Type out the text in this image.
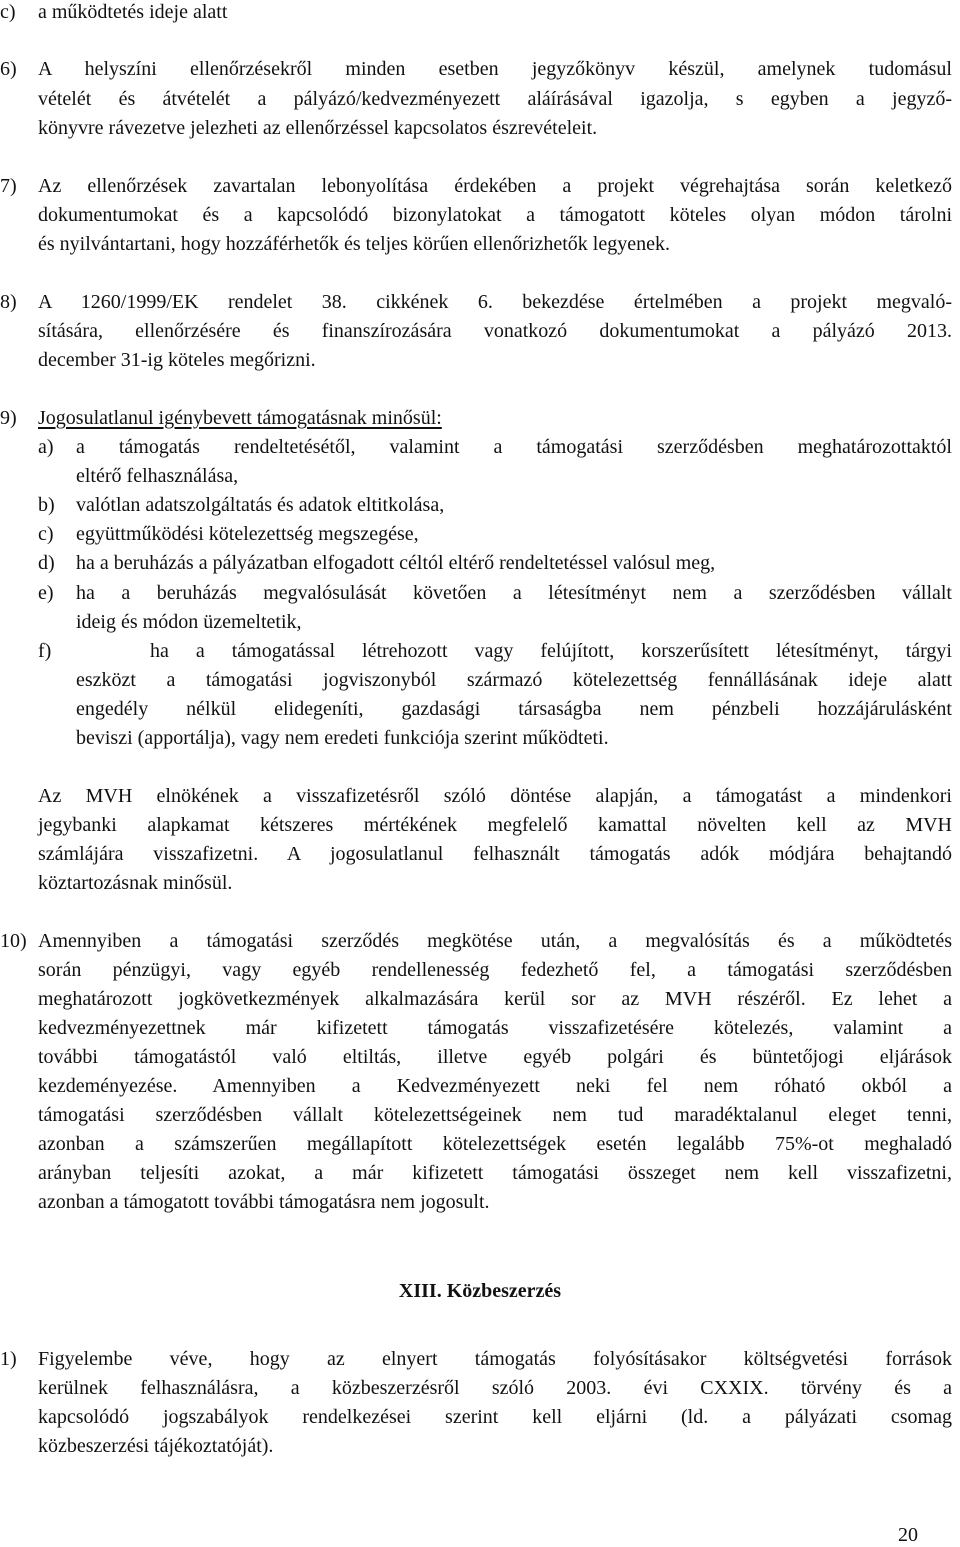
c) a működtetés ideje alatt
6) A helyszíni ellenőrzésekről minden esetben jegyzőkönyv készül, amelynek tudomásul
vételét és átvételét a pályázó/kedvezményezett aláírásával igazolja, s egyben a jegyző-
könyvre rávezetve jelezheti az ellenőrzéssel kapcsolatos észrevételeit.
7) Az ellenőrzések zavartalan lebonyolítása érdekében a projekt végrehajtása során keletkező
dokumentumokat és a kapcsolódó bizonylatokat a támogatott köteles olyan módon tárolni
és nyilvántartani, hogy hozzáférhetők és teljes körűen ellenőrizhetők legyenek.
8) A 1260/1999/EK rendelet 38. cikkének 6. bekezdése értelmében a projekt megvaló-
sítására, ellenőrzésére és finanszírozására vonatkozó dokumentumokat a pályázó 2013.
december 31-ig köteles megőrizni.
9) Jogosulatlanul igénybevett támogatásnak minősül:
a) a támogatás rendeltetésétől, valamint a támogatási szerződésben meghatározottaktól
eltérő felhasználása,
b) valótlan adatszolgáltatás és adatok eltitkolása,
c) együttműködési kötelezettség megszegése,
d) ha a beruházás a pályázatban elfogadott céltól eltérő rendeltetéssel valósul meg,
e) ha a beruházás megvalósulását követően a létesítményt nem a szerződésben vállalt
ideig és módon üzemeltetik,
f)	ha a támogatással létrehozott vagy felújított, korszerűsített létesítményt, tárgyi
eszközt a támogatási jogviszonyból származó kötelezettség fennállásának ideje alatt
engedély nélkül elidegeníti, gazdasági társaságba nem pénzbeli hozzájárulásként
beviszi (apportálja), vagy nem eredeti funkciója szerint működteti.
Az MVH elnökének a visszafizetésről szóló döntése alapján, a támogatást a mindenkori
jegybanki alapkamat kétszeres mértékének megfelelő kamattal növelten kell az MVH
számlájára visszafizetni. A jogosulatlanul felhasznált támogatás adók módjára behajtandó
köztartozásnak minősül.
10) Amennyiben a támogatási szerződés megkötése után, a megvalósítás és a működtetés
során pénzügyi, vagy egyéb rendellenesség fedezhető fel, a támogatási szerződésben
meghatározott jogkövetkezmények alkalmazására kerül sor az MVH részéről. Ez lehet a
kedvezményezettnek már kifizetett támogatás visszafizetésére kötelezés, valamint a
további támogatástól való eltiltás, illetve egyéb polgári és büntetőjogi eljárások
kezdeményezése. Amennyiben a Kedvezményezett neki fel nem róható okból a
támogatási szerződésben vállalt kötelezettségeinek nem tud maradéktalanul eleget tenni,
azonban a számszerűen megállapított kötelezettségek esetén legalább 75%-ot meghaladó
arányban teljesíti azokat, a már kifizetett támogatási összeget nem kell visszafizetni,
azonban a támogatott további támogatásra nem jogosult.
XIII. Közbeszerzés
1) Figyelembe véve, hogy az elnyert támogatás folyósításakor költségvetési források
kerülnek felhasználásra, a közbeszerzésről szóló 2003. évi CXXIX. törvény és a
kapcsolódó jogszabályok rendelkezései szerint kell eljárni (ld. a pályázati csomag
közbeszerzési tájékoztatóját).
20
